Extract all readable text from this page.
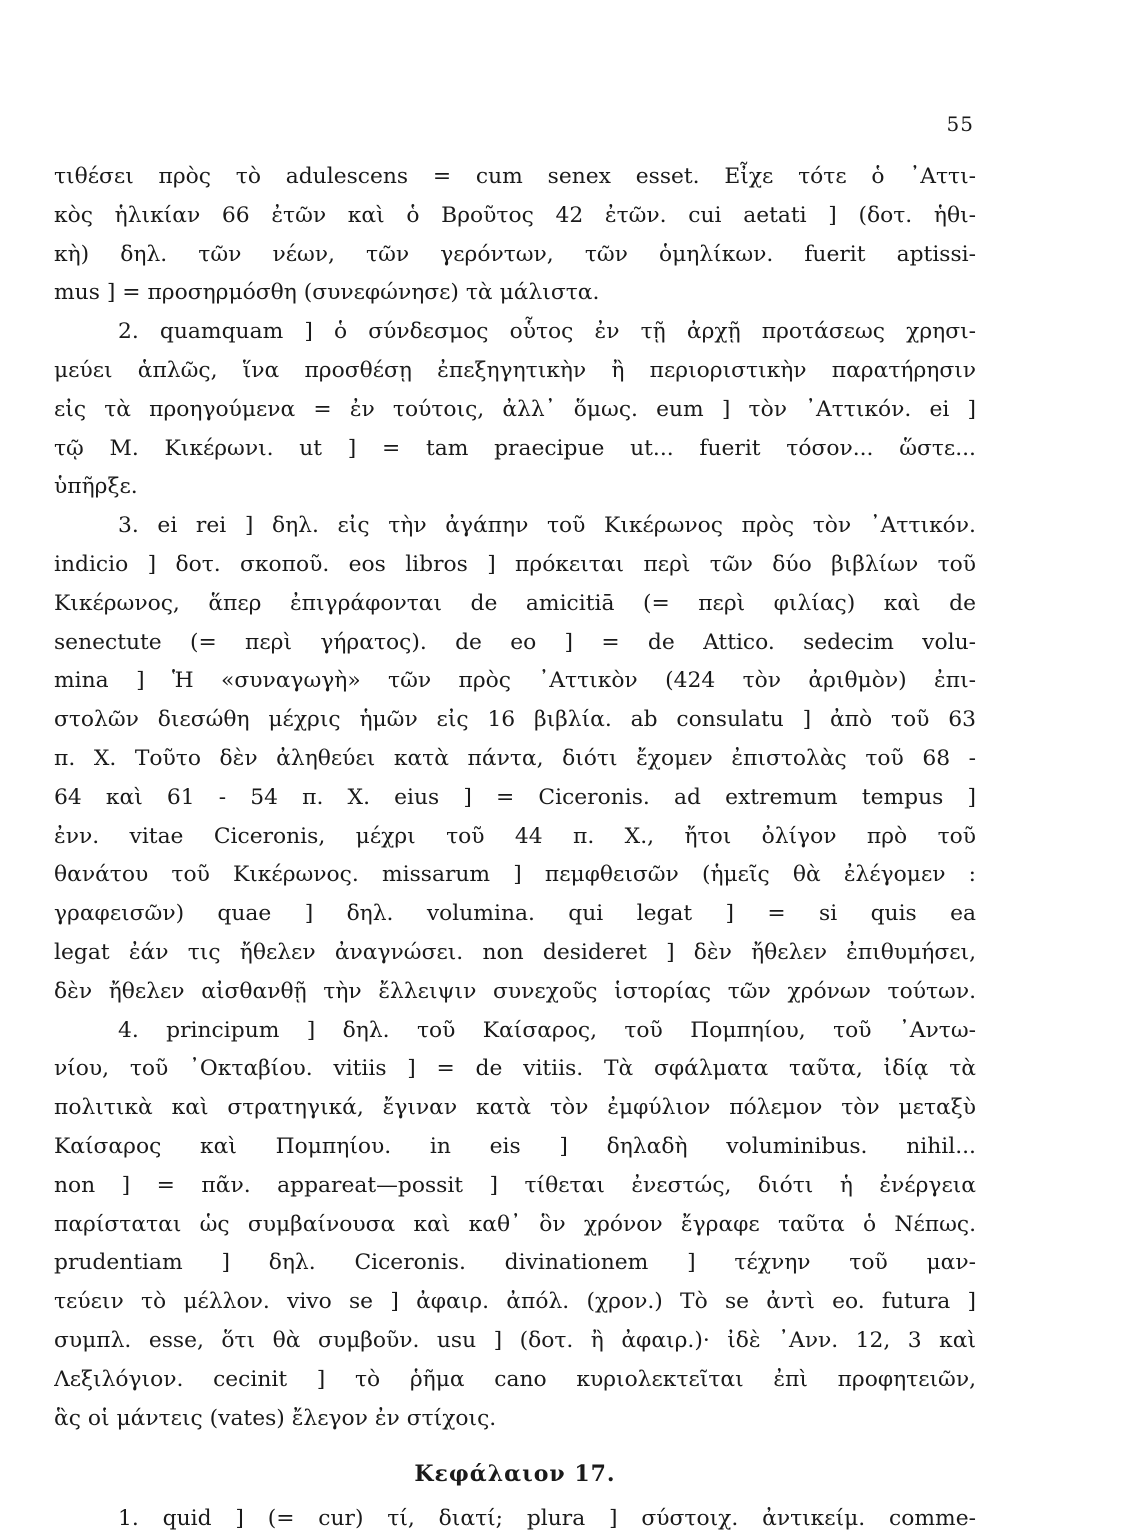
55
τιθέσει πρὸς τὸ adulescens = cum senex esset. Εἶχε τότε ὁ ᾿Αττι-
κὸς ἡλικίαν 66 ἐτῶν καὶ ὁ Βροῦτος 42 ἐτῶν. cui aetati ] (δοτ. ἡθι-
κὴ) δηλ. τῶν νέων, τῶν γερόντων, τῶν ὁμηλίκων. fuerit aptissi-
mus ] = προσηρμόσθη (συνεφώνησε) τὰ μάλιστα.
2. quamquam ] ὁ σύνδεσμος οὗτος ἐν τῇ ἀρχῇ προτάσεως χρησι-
μεύει ἁπλῶς, ἵνα προσθέσῃ ἐπεξηγητικὴν ἢ περιοριστικὴν παρατήρησιν
εἰς τὰ προηγούμενα = ἐν τούτοις, ἀλλ᾿ ὅμως. eum ] τὸν ᾿Αττικόν. ei ]
τῷ Μ. Κικέρωνι. ut ] = tam praecipue ut... fuerit τόσον... ὥστε...
ὑπῆρξε.
3. ei rei ] δηλ. εἰς τὴν ἀγάπην τοῦ Κικέρωνος πρὸς τὸν ᾿Αττικόν.
indicio ] δοτ. σκοποῦ. eos libros ] πρόκειται περὶ τῶν δύο βιβλίων τοῦ
Κικέρωνος, ἅπερ ἐπιγράφονται de amicitiā (= περὶ φιλίας) καὶ de
senectute (= περὶ γήρατος). de eo ] = de Attico. sedecim volu-
mina ] Ἡ «συναγωγὴ» τῶν πρὸς ᾿Αττικὸν (424 τὸν ἀριθμὸν) ἐπι-
στολῶν διεσώθη μέχρις ἡμῶν εἰς 16 βιβλία. ab consulatu ] ἀπὸ τοῦ 63
π. Χ. Τοῦτο δὲν ἀληθεύει κατὰ πάντα, διότι ἔχομεν ἐπιστολὰς τοῦ 68 -
64 καὶ 61 - 54 π. Χ. eius ] = Ciceronis. ad extremum tempus ]
ἐνν. vitae Ciceronis, μέχρι τοῦ 44 π. Χ., ἤτοι ὀλίγον πρὸ τοῦ
θανάτου τοῦ Κικέρωνος. missarum ] πεμφθεισῶν (ἡμεῖς θὰ ἐλέγομεν :
γραφεισῶν) quae ] δηλ. volumina. qui legat ] = si quis ea
legat ἐάν τις ἤθελεν ἀναγνώσει. non desideret ] δὲν ἤθελεν ἐπιθυμήσει,
δὲν ἤθελεν αἰσθανθῇ τὴν ἔλλειψιν συνεχοῦς ἱστορίας τῶν χρόνων τούτων.
4. principum ] δηλ. τοῦ Καίσαρος, τοῦ Πομπηίου, τοῦ ᾿Αντω-
νίου, τοῦ ᾿Οκταβίου. vitiis ] = de vitiis. Τὰ σφάλματα ταῦτα, ἰδίᾳ τὰ
πολιτικὰ καὶ στρατηγικά, ἔγιναν κατὰ τὸν ἐμφύλιον πόλεμον τὸν μεταξὺ
Καίσαρος καὶ Πομπηίου. in eis ] δηλαδὴ voluminibus. nihil...
non ] = πᾶν. appareat—possit ] τίθεται ἐνεστώς, διότι ἡ ἐνέργεια
παρίσταται ὡς συμβαίνουσα καὶ καθ᾿ ὃν χρόνον ἔγραφε ταῦτα ὁ Νέπως.
prudentiam ] δηλ. Ciceronis. divinationem ] τέχνην τοῦ μαν-
τεύειν τὸ μέλλον. vivo se ] ἀφαιρ. ἀπόλ. (χρον.) Τὸ se ἀντὶ eo. futura ]
συμπλ. esse, ὅτι θὰ συμβοῦν. usu ] (δοτ. ἢ ἀφαιρ.)· ἰδὲ ᾿Ανν. 12, 3 καὶ
Λεξιλόγιον. cecinit ] τὸ ῥῆμα cano κυριολεκτεῖται ἐπὶ προφητειῶν,
ἃς οἱ μάντεις (vates) ἔλεγον ἐν στίχοις.
Κεφάλαιον 17.
1. quid ] (= cur) τί, διατί; plura ] σύστοιχ. ἀντικείμ. comme-
